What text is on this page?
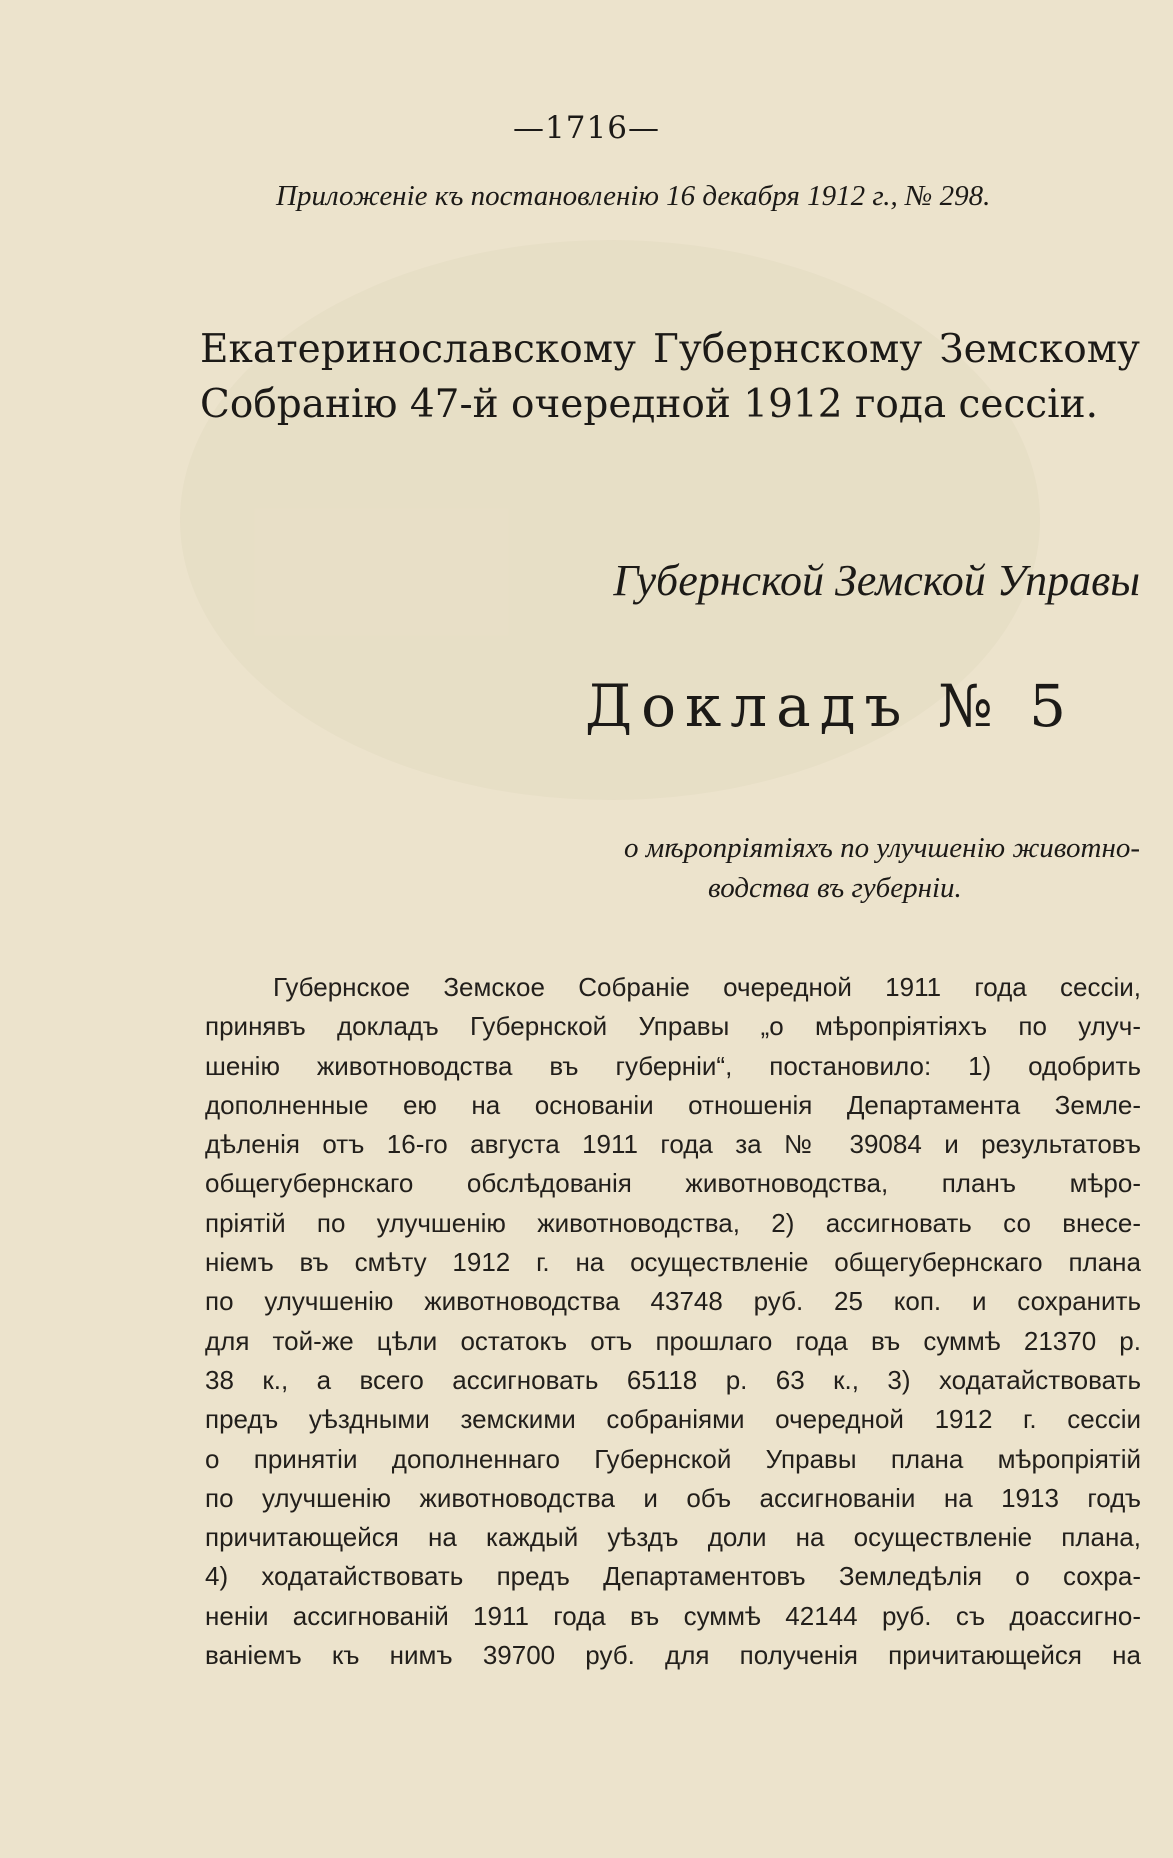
—1716—
Приложенiе къ постановленiю 16 декабря 1912 г., № 298.
Екатеринославскому Губернскому Земскому Собранiю 47-й очередной 1912 года сессiи.
Губернской Земской Управы
Докладъ № 5
о мѣропрiятiяхъ по улучшенiю животно-
водства въ губернiи.
Губернское Земское Собранiе очередной 1911 года сессiи,
принявъ докладъ Губернской Управы „о мѣропрiятiяхъ по улуч-
шенiю животноводства въ губернiи“, постановило: 1) одобрить
дополненные ею на основанiи отношенiя Департамента Земле-
дѣленiя отъ 16-го августа 1911 года за № 39084 и результатовъ
общегубернскаго обслѣдованiя животноводства, планъ мѣро-
прiятiй по улучшенiю животноводства, 2) ассигновать со внесе-
нiемъ въ смѣту 1912 г. на осуществленiе общегубернскаго плана
по улучшенiю животноводства 43748 руб. 25 коп. и сохранить
для той-же цѣли остатокъ отъ прошлаго года въ суммѣ 21370 р.
38 к., а всего ассигновать 65118 р. 63 к., 3) ходатайствовать
предъ уѣздными земскими собранiями очередной 1912 г. сессiи
о принятiи дополненнаго Губернской Управы плана мѣропрiятiй
по улучшенiю животноводства и объ ассигнованiи на 1913 годъ
причитающейся на каждый уѣздъ доли на осуществленiе плана,
4) ходатайствовать предъ Департаментовъ Земледѣлiя о сохра-
ненiи ассигнованiй 1911 года въ суммѣ 42144 руб. съ доассигно-
ванiемъ къ нимъ 39700 руб. для полученiя причитающейся на
